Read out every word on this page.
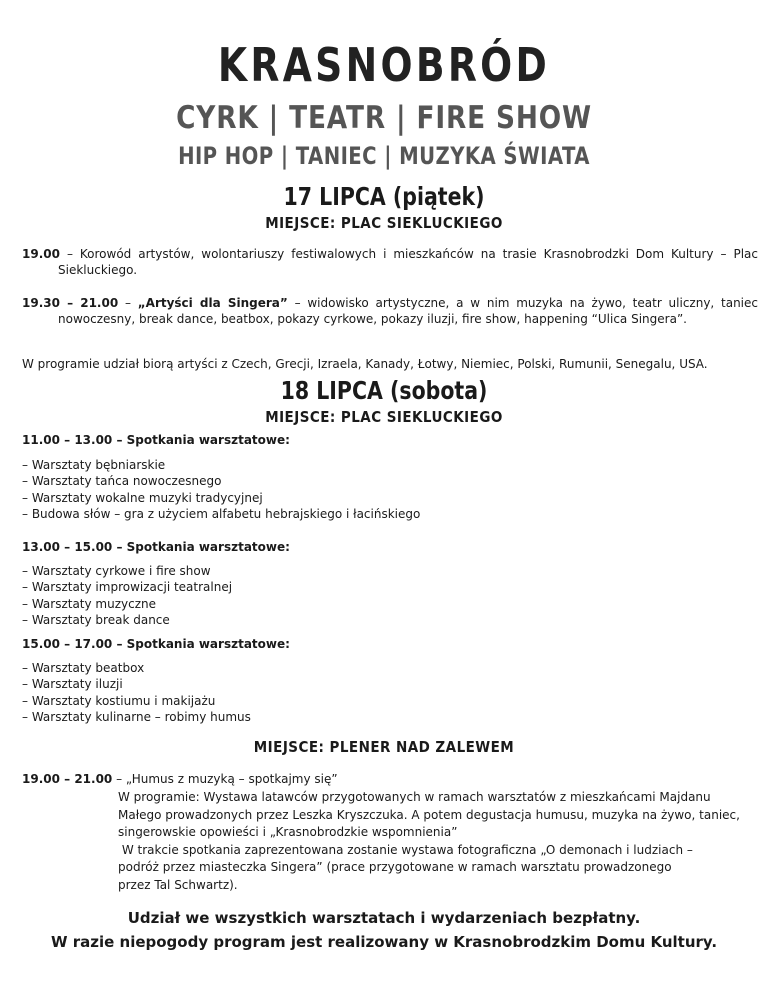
KRASNOBRÓD
CYRK | TEATR | FIRE SHOW
HIP HOP | TANIEC | MUZYKA ŚWIATA
17 LIPCA (piątek)
MIEJSCE: PLAC SIEKLUCKIEGO
19.00 – Korowód artystów, wolontariuszy festiwalowych i mieszkańców na trasie Krasnobrodzki Dom Kultury – Plac Siekluckiego.
19.30 – 21.00 – „Artyści dla Singera” – widowisko artystyczne, a w nim muzyka na żywo, teatr uliczny, taniec nowoczesny, break dance, beatbox, pokazy cyrkowe, pokazy iluzji, fire show, happening “Ulica Singera”.
W programie udział biorą artyści z Czech, Grecji, Izraela, Kanady, Łotwy, Niemiec, Polski, Rumunii, Senegalu, USA.
18 LIPCA (sobota)
MIEJSCE: PLAC SIEKLUCKIEGO
11.00 – 13.00 – Spotkania warsztatowe:
– Warsztaty bębniarskie
– Warsztaty tańca nowoczesnego
– Warsztaty wokalne muzyki tradycyjnej
– Budowa słów – gra z użyciem alfabetu hebrajskiego i łacińskiego
13.00 – 15.00 – Spotkania warsztatowe:
– Warsztaty cyrkowe i fire show
– Warsztaty improwizacji teatralnej
– Warsztaty muzyczne
– Warsztaty break dance
15.00 – 17.00 – Spotkania warsztatowe:
– Warsztaty beatbox
– Warsztaty iluzji
– Warsztaty kostiumu i makijażu
– Warsztaty kulinarne – robimy humus
MIEJSCE: PLENER NAD ZALEWEM
19.00 – 21.00 – „Humus z muzyką – spotkajmy się”
W programie: Wystawa latawców przygotowanych w ramach warsztatów z mieszkańcami Majdanu
Małego prowadzonych przez Leszka Kryszczuka. A potem degustacja humusu, muzyka na żywo, taniec,
singerowskie opowieści i „Krasnobrodzkie wspomnienia”
W trakcie spotkania zaprezentowana zostanie wystawa fotograficzna „O demonach i ludziach –
podróż przez miasteczka Singera” (prace przygotowane w ramach warsztatu prowadzonego
przez Tal Schwartz).
Udział we wszystkich warsztatach i wydarzeniach bezpłatny.
W razie niepogody program jest realizowany w Krasnobrodzkim Domu Kultury.
